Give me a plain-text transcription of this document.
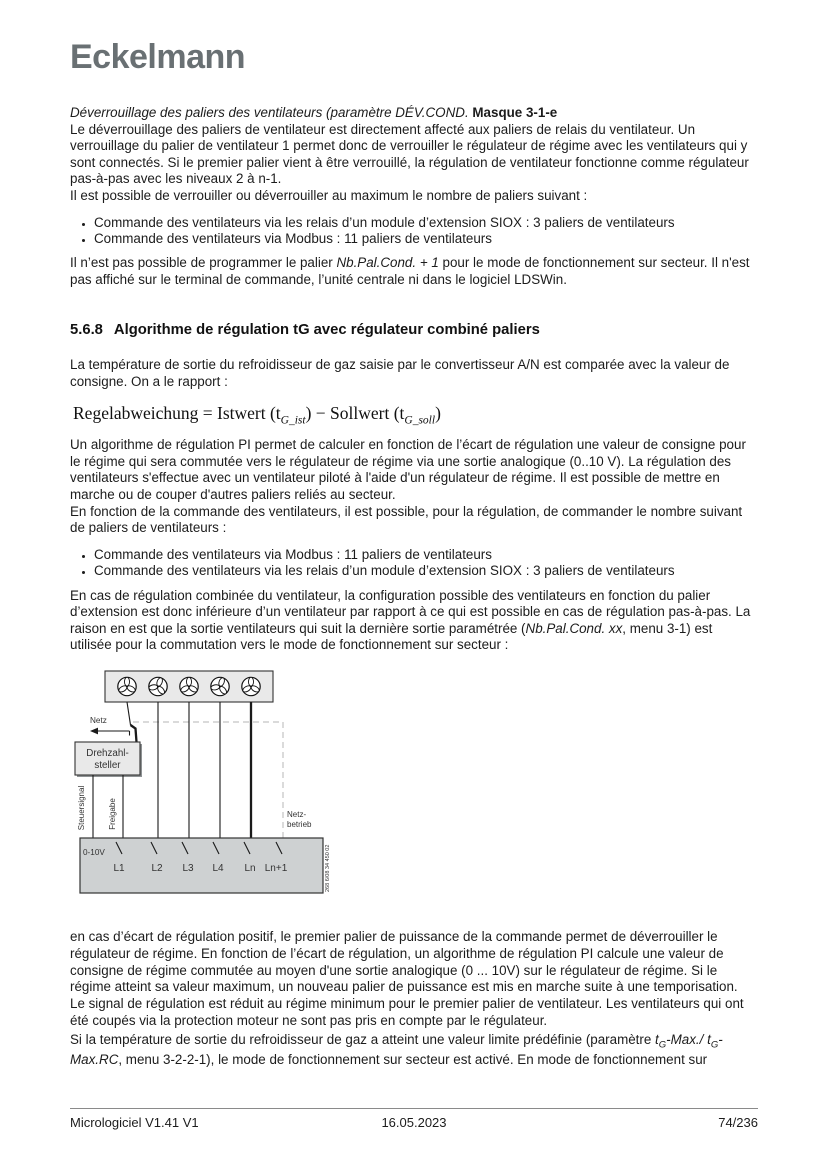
Eckelmann

Déverrouillage des paliers des ventilateurs (paramètre DÉV.COND. Masque 3-1-e

Le déverrouillage des paliers de ventilateur est directement affecté aux paliers de relais du ventilateur. Un verrouillage du palier de ventilateur 1 permet donc de verrouiller le régulateur de régime avec les ventilateurs qui y sont connectés. Si le premier palier vient à être verrouillé, la régulation de ventilateur fonctionne comme régulateur pas-à-pas avec les niveaux 2 à n-1.

Il est possible de verrouiller ou déverrouiller au maximum le nombre de paliers suivant :

• Commande des ventilateurs via les relais d’un module d’extension SIOX : 3 paliers de ventilateurs
• Commande des ventilateurs via Modbus : 11 paliers de ventilateurs

Il n’est pas possible de programmer le palier Nb.Pal.Cond. + 1 pour le mode de fonctionnement sur secteur. Il n'est pas affiché sur le terminal de commande, l’unité centrale ni dans le logiciel LDSWin.

5.6.8 Algorithme de régulation tG avec régulateur combiné paliers

La température de sortie du refroidisseur de gaz saisie par le convertisseur A/N est comparée avec la valeur de consigne. On a le rapport :

Regelabweichung = Istwert $(t_{G\_ist})$ − Sollwert $(t_{G\_soll})$

Un algorithme de régulation PI permet de calculer en fonction de l’écart de régulation une valeur de consigne pour le régime qui sera commutée vers le régulateur de régime via une sortie analogique (0..10 V). La régulation des ventilateurs s'effectue avec un ventilateur piloté à l'aide d'un régulateur de régime. Il est possible de mettre en marche ou de couper d'autres paliers reliés au secteur.

En fonction de la commande des ventilateurs, il est possible, pour la régulation, de commander le nombre suivant de paliers de ventilateurs :

• Commande des ventilateurs via Modbus : 11 paliers de ventilateurs
• Commande des ventilateurs via les relais d’un module d’extension SIOX : 3 paliers de ventilateurs

En cas de régulation combinée du ventilateur, la configuration possible des ventilateurs en fonction du palier d’extension est donc inférieure d’un ventilateur par rapport à ce qui est possible en cas de régulation pas-à-pas. La raison en est que la sortie ventilateurs qui suit la dernière sortie paramétrée (Nb.Pal.Cond. xx, menu 3-1) est utilisée pour la commutation vers le mode de fonctionnement sur secteur :

Netz
Drehzahl-
steller
Steuersignal	Freigabe	Netz-
betrieb
0-10V
L1	L2 L3 L4 Ln Ln+1	268 6/08 34 450 02

en cas d’écart de régulation positif, le premier palier de puissance de la commande permet de déverrouiller le régulateur de régime. En fonction de l’écart de régulation, un algorithme de régulation PI calcule une valeur de consigne de régime commutée au moyen d'une sortie analogique (0 ... 10V) sur le régulateur de régime. Si le régime atteint sa valeur maximum, un nouveau palier de puissance est mis en marche suite à une temporisation.

Le signal de régulation est réduit au régime minimum pour le premier palier de ventilateur. Les ventilateurs qui ont été coupés via la protection moteur ne sont pas pris en compte par le régulateur.

Si la température de sortie du refroidisseur de gaz a atteint une valeur limite prédéfinie (paramètre $t_G-Max./$ $t_G-Max.RC$, menu 3-2-2-1), le mode de fonctionnement sur secteur est activé. En mode de fonctionnement sur

Micrologiciel V1.41 V1	16.05.2023	74/236
